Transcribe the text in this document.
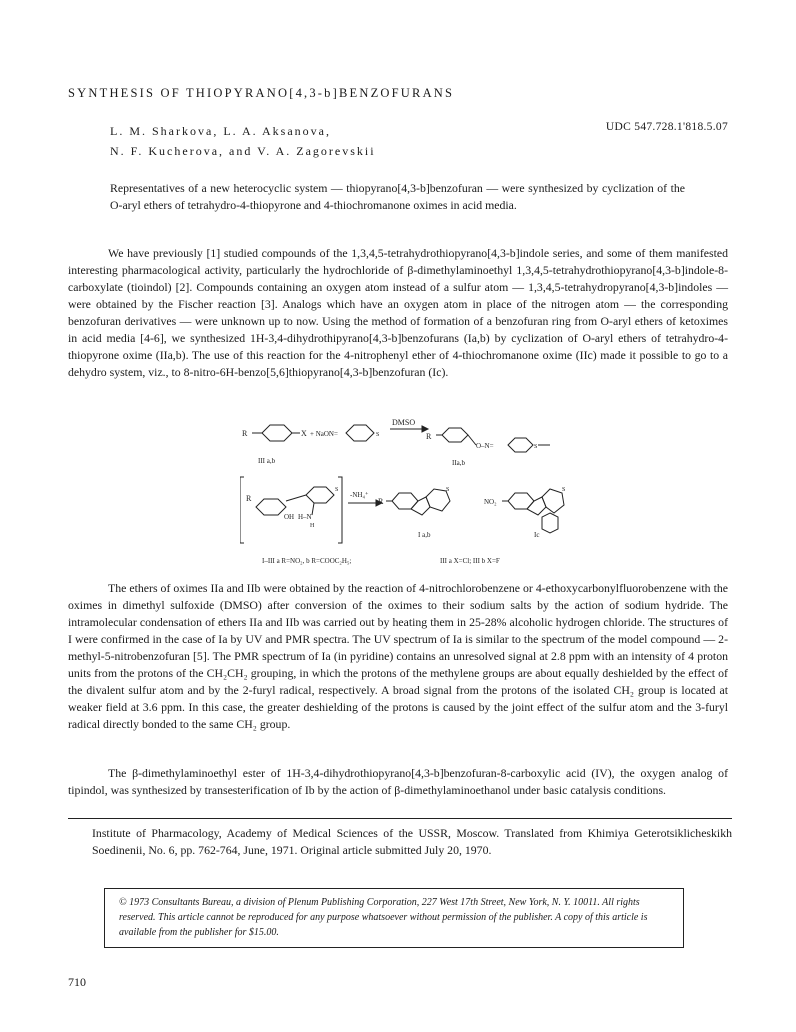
SYNTHESIS OF THIOPYRANO[4,3-b]BENZOFURANS
L. M. Sharkova, L. A. Aksanova,
N. F. Kucherova, and V. A. Zagorevskii
UDC 547.728.1'818.5.07
Representatives of a new heterocyclic system — thiopyrano[4,3-b]benzofuran — were synthesized by cyclization of the O-aryl ethers of tetrahydro-4-thiopyrone and 4-thiochromanone oximes in acid media.
We have previously [1] studied compounds of the 1,3,4,5-tetrahydrothiopyrano[4,3-b]indole series, and some of them manifested interesting pharmacological activity, particularly the hydrochloride of β-dimethylaminoethyl 1,3,4,5-tetrahydrothiopyrano[4,3-b]indole-8-carboxylate (tioindol) [2]. Compounds containing an oxygen atom instead of a sulfur atom — 1,3,4,5-tetrahydropyrano[4,3-b]indoles — were obtained by the Fischer reaction [3]. Analogs which have an oxygen atom in place of the nitrogen atom — the corresponding benzofuran derivatives — were unknown up to now. Using the method of formation of a benzofuran ring from O-aryl ethers of ketoximes in acid media [4-6], we synthesized 1H-3,4-dihydrothipyrano[4,3-b]benzofurans (Ia,b) by cyclization of O-aryl ethers of tetrahydro-4-thiopyrone oxime (IIa,b). The use of this reaction for the 4-nitrophenyl ether of 4-thiochromanone oxime (IIc) made it possible to go to a dehydro system, viz., to 8-nitro-6H-benzo[5,6]thiopyrano[4,3-b]benzofuran (Ic).
R	X + NaON=	S
DMSO
R
O–N=	S
III a,b	IIa,b
R
OH H–N
H
S
-NH₄⁺
R
S
I a,b
NO₂
S
Ic
I–III a R=NO₂, b R=COOC₂H₅;	III a X=Cl; III b X=F
The ethers of oximes IIa and IIb were obtained by the reaction of 4-nitrochlorobenzene or 4-ethoxycarbonylfluorobenzene with the oximes in dimethyl sulfoxide (DMSO) after conversion of the oximes to their sodium salts by the action of sodium hydride. The intramolecular condensation of ethers IIa and IIb was carried out by heating them in 25-28% alcoholic hydrogen chloride. The structures of I were confirmed in the case of Ia by UV and PMR spectra. The UV spectrum of Ia is similar to the spectrum of the model compound — 2-methyl-5-nitrobenzofuran [5]. The PMR spectrum of Ia (in pyridine) contains an unresolved signal at 2.8 ppm with an intensity of 4 proton units from the protons of the CH₂CH₂ grouping, in which the protons of the methylene groups are about equally deshielded by the effect of the divalent sulfur atom and by the 2-furyl radical, respectively. A broad signal from the protons of the isolated CH₂ group is located at weaker field at 3.6 ppm. In this case, the greater deshielding of the protons is caused by the joint effect of the sulfur atom and the 3-furyl radical directly bonded to the same CH₂ group.
The β-dimethylaminoethyl ester of 1H-3,4-dihydrothiopyrano[4,3-b]benzofuran-8-carboxylic acid (IV), the oxygen analog of tipindol, was synthesized by transesterification of Ib by the action of β-dimethylaminoethanol under basic catalysis conditions.
Institute of Pharmacology, Academy of Medical Sciences of the USSR, Moscow. Translated from Khimiya Geterotsiklicheskikh Soedinenii, No. 6, pp. 762-764, June, 1971. Original article submitted July 20, 1970.
© 1973 Consultants Bureau, a division of Plenum Publishing Corporation, 227 West 17th Street, New York, N. Y. 10011. All rights reserved. This article cannot be reproduced for any purpose whatsoever without permission of the publisher. A copy of this article is available from the publisher for $15.00.
710
